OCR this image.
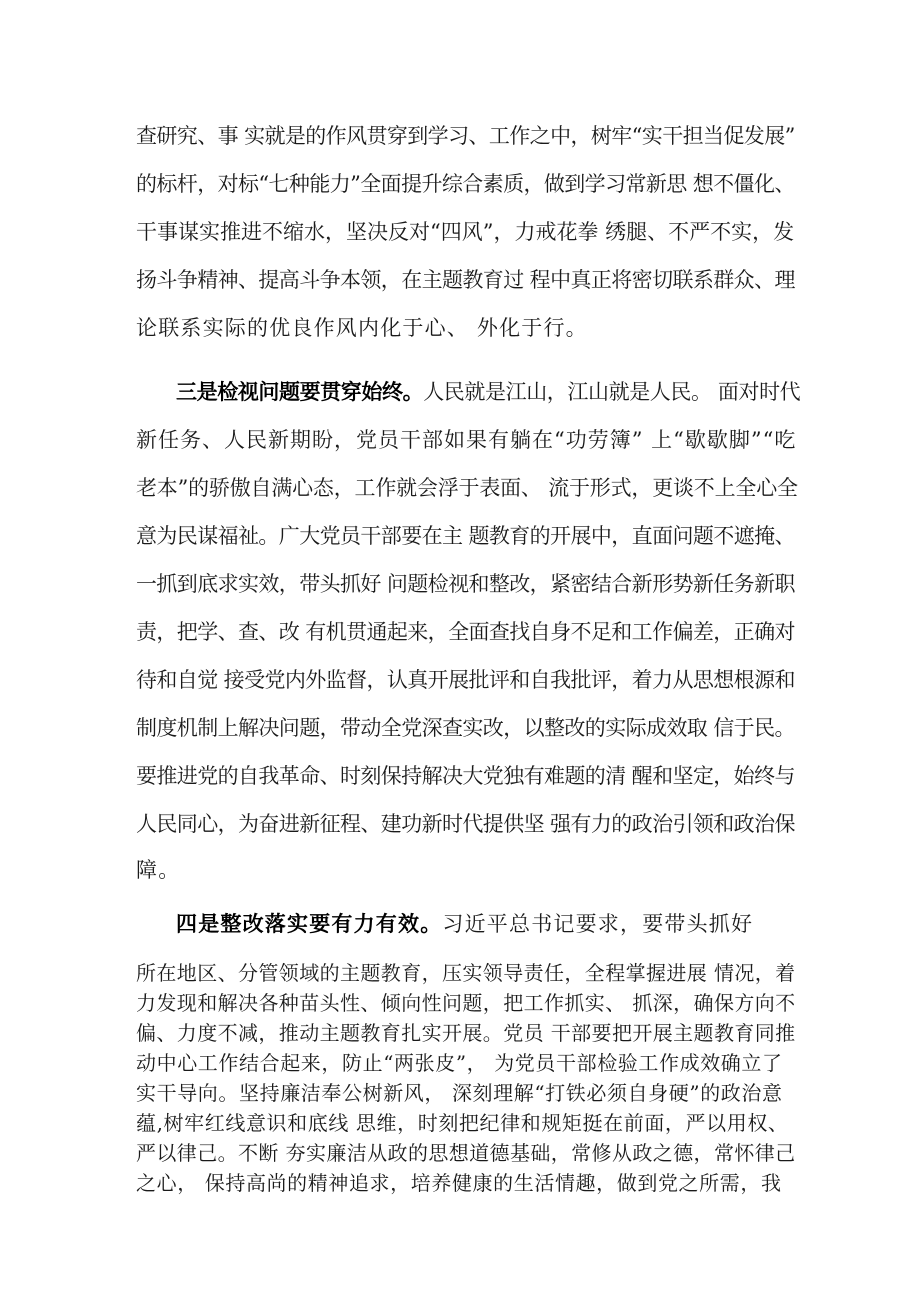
查研究、事 实就是的作风贯穿到学习、工作之中，树牢“实干担当促发展”

的标杆，对标“七种能力”全面提升综合素质，做到学习常新思 想不僵化、

干事谋实推进不缩水，坚决反对“四风”，力戒花拳 绣腿、不严不实，发

扬斗争精神、提高斗争本领，在主题教育过 程中真正将密切联系群众、理

论联系实际的优良作风内化于心、 外化于行。

三是检视问题要贯穿始终。人民就是江山，江山就是人民。 面对时代

新任务、人民新期盼，党员干部如果有躺在“功劳簿” 上“歇歇脚”“吃

老本”的骄傲自满心态，工作就会浮于表面、 流于形式，更谈不上全心全

意为民谋福祉。广大党员干部要在主 题教育的开展中，直面问题不遮掩、

一抓到底求实效，带头抓好 问题检视和整改，紧密结合新形势新任务新职

责，把学、查、改 有机贯通起来，全面查找自身不足和工作偏差，正确对

待和自觉 接受党内外监督，认真开展批评和自我批评，着力从思想根源和

制度机制上解决问题，带动全党深查实改，以整改的实际成效取 信于民。

要推进党的自我革命、时刻保持解决大党独有难题的清 醒和坚定，始终与

人民同心，为奋进新征程、建功新时代提供坚 强有力的政治引领和政治保

障。

四是整改落实要有力有效。习近平总书记要求，要带头抓好

所在地区、分管领域的主题教育，压实领导责任，全程掌握进展 情况，着

力发现和解决各种苗头性、倾向性问题，把工作抓实、 抓深，确保方向不

偏、力度不减，推动主题教育扎实开展。党员 干部要把开展主题教育同推

动中心工作结合起来，防止“两张皮”， 为党员干部检验工作成效确立了

实干导向。坚持廉洁奉公树新风， 深刻理解“打铁必须自身硬”的政治意

蕴,树牢红线意识和底线 思维，时刻把纪律和规矩挺在前面，严以用权、

严以律己。不断 夯实廉洁从政的思想道德基础，常修从政之德，常怀律己

之心， 保持高尚的精神追求，培养健康的生活情趣，做到党之所需，我
